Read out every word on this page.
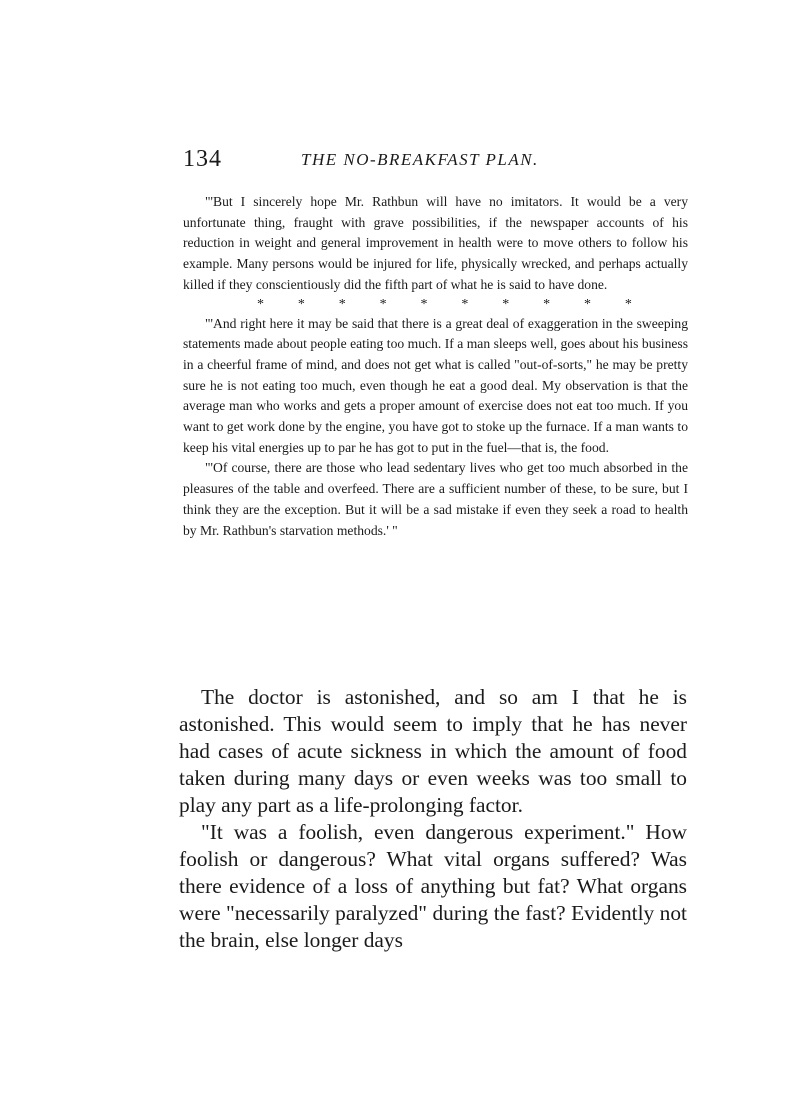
134	THE NO-BREAKFAST PLAN.

"'But I sincerely hope Mr. Rathbun will have no imitators. It would be a very unfortunate thing, fraught with grave possibilities, if the newspaper accounts of his reduction in weight and general improvement in health were to move others to follow his example. Many persons would be injured for life, physically wrecked, and perhaps actually killed if they conscientiously did the fifth part of what he is said to have done.

* * * * * * * * * *

"'And right here it may be said that there is a great deal of exaggeration in the sweeping statements made about people eating too much. If a man sleeps well, goes about his business in a cheerful frame of mind, and does not get what is called "out-of-sorts," he may be pretty sure he is not eating too much, even though he eat a good deal. My observation is that the average man who works and gets a proper amount of exercise does not eat too much. If you want to get work done by the engine, you have got to stoke up the furnace. If a man wants to keep his vital energies up to par he has got to put in the fuel—that is, the food.

"'Of course, there are those who lead sedentary lives who get too much absorbed in the pleasures of the table and overfeed. There are a sufficient number of these, to be sure, but I think they are the exception. But it will be a sad mistake if even they seek a road to health by Mr. Rathbun's starvation methods.' "

The doctor is astonished, and so am I that he is astonished. This would seem to imply that he has never had cases of acute sickness in which the amount of food taken during many days or even weeks was too small to play any part as a life-prolonging factor.

"It was a foolish, even dangerous experiment." How foolish or dangerous? What vital organs suffered? Was there evidence of a loss of anything but fat? What organs were "necessarily paralyzed" during the fast? Evidently not the brain, else longer days
